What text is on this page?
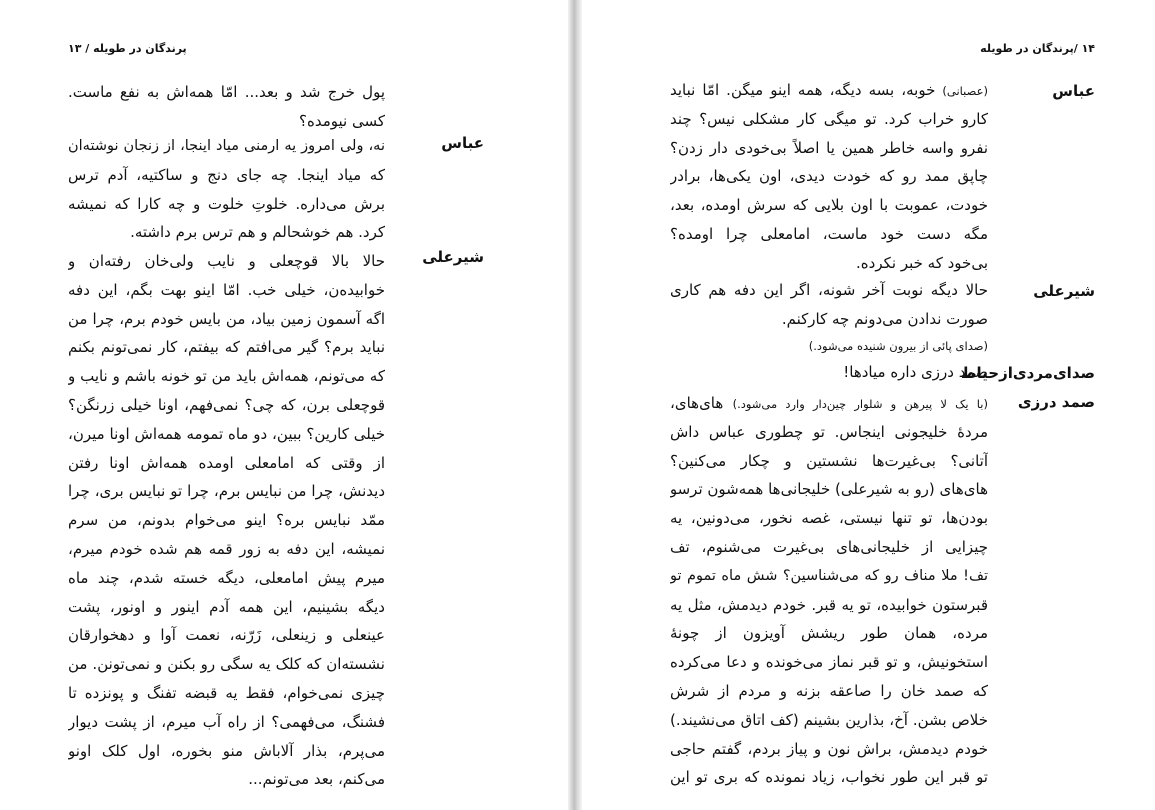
پرندگان در طویله / ۱۳
پول خرج شد و بعد... امّا همه‌اش به نفع ماست.
کسی نیومده؟
عباس
نه، ولی امروز یه ارمنی میاد اینجا، از زنجان نوشته‌ان
که میاد اینجا. چه جای دنج و ساکتیه، آدم ترس
برش می‌داره. خلوتِ خلوت و چه کارا که نمیشه
کرد. هم خوشحالم و هم ترس برم داشته.
شیرعلی
حالا بالا قوچعلی و نایب ولی‌خان رفته‌ان و
خوابیده‌ن، خیلی خب. امّا اینو بهت بگم، این دفه
اگه آسمون زمین بیاد، من بایس خودم برم، چرا من
نباید برم؟ گیر می‌افتم که بیفتم، کار نمی‌تونم بکنم
که می‌تونم، همه‌اش باید من تو خونه باشم و نایب و
قوچعلی برن، که چی؟ نمی‌فهم، اونا خیلی زرنگن؟
خیلی کارین؟ ببین، دو ماه تمومه همه‌اش اونا میرن،
از وقتی که امامعلی اومده همه‌اش اونا رفتن
دیدنش، چرا من نبایس برم، چرا تو نبایس بری، چرا
ممّد نبایس بره؟ اینو می‌خوام بدونم، من سرم
نمیشه، این دفه به زور قمه هم شده خودم میرم،
میرم پیش امامعلی، دیگه خسته شدم، چند ماه
دیگه بشینیم، این همه آدم اینور و اونور، پشت
عینعلی و زینعلی، زَرّنه، نعمت آوا و دهخوارقان
نشسته‌ان که کلک یه سگی رو بکنن و نمی‌تونن. من
چیزی نمی‌خوام، فقط یه قبضه تفنگ و پونزده تا
فشنگ، می‌فهمی؟ از راه آب میرم، از پشت دیوار
می‌پرم، بذار آلاباش منو بخوره، اول کلک اونو
می‌کنم، بعد می‌تونم...
۱۴ /پرندگان در طویله
عباس
(عصبانی) خوبه، بسه دیگه، همه اینو میگن. امّا نباید
کارو خراب کرد. تو میگی کار مشکلی نیس؟ چند
نفرو واسه خاطر همین یا اصلاً بی‌خودی دار زدن؟
چاپق ممد رو که خودت دیدی، اون یکی‌ها، برادر
خودت، عموبت با اون بلایی که سرش اومده، بعد،
مگه دست خود ماست، امامعلی چرا اومده؟
بی‌خود که خبر نکرده.
شیرعلی
حالا دیگه نوبت آخر شونه، اگر این دفه هم کاری
صورت ندادن می‌دونم چه کارکنم.
(صدای پائی از بیرون شنیده می‌شود.)
صدای‌مردی‌ازحیاط
صمد درزی داره میادها!
صمد درزی
(با یک لا پیرهن و شلوار چین‌دار وارد می‌شود.) های‌های،
مردهٔ خلیجونی اینجاس. تو چطوری عباس داش
آتانی؟ بی‌غیرت‌ها نشستین و چکار می‌کنین؟
های‌های (رو به شیرعلی) خلیجانی‌ها همه‌شون ترسو
بودن‌ها، تو تنها نیستی، غصه نخور، می‌دونین، یه
چیزایی از خلیجانی‌های بی‌غیرت می‌شنوم، تف
تف! ملا مناف رو که می‌شناسین؟ شش ماه تموم تو
قبرستون خوابیده، تو یه قبر. خودم دیدمش، مثل یه
مرده، همان طور ریشش آویزون از چونهٔ
استخونیش، و تو قبر نماز می‌خونده و دعا می‌کرده
که صمد خان را صاعقه بزنه و مردم از شرش
خلاص بشن. آخ، بذارین بشینم (کف اتاق می‌نشیند.)
خودم دیدمش، براش نون و پیاز بردم، گفتم حاجی
تو قبر این طور نخواب، زیاد نمونده که بری تو این
